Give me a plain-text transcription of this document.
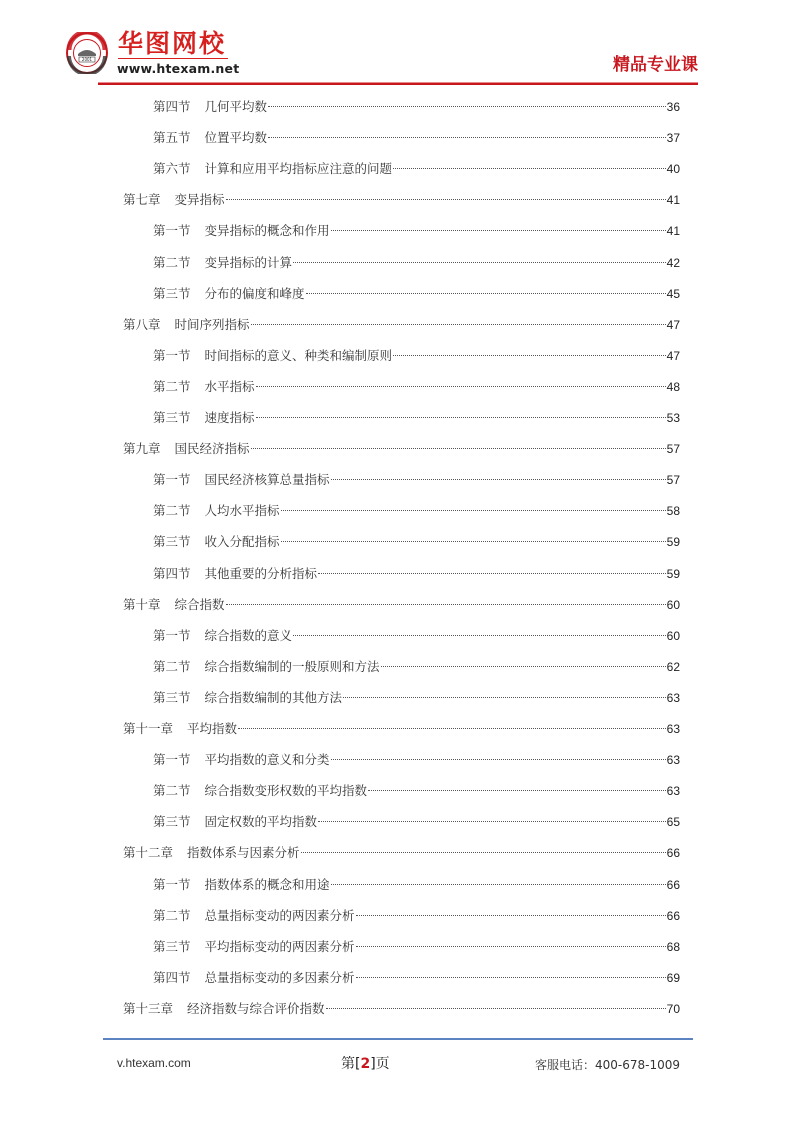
2001
华图网校
www.htexam.net	精品专业课
第四节 几何平均数	36
第五节 位置平均数	37
第六节 计算和应用平均指标应注意的问题	40
第七章 变异指标	41
第一节 变异指标的概念和作用	41
第二节 变异指标的计算	42
第三节 分布的偏度和峰度	45
第八章 时间序列指标	47
第一节 时间指标的意义、种类和编制原则	47
第二节 水平指标	48
第三节 速度指标	53
第九章 国民经济指标	57
第一节 国民经济核算总量指标	57
第二节 人均水平指标	58
第三节 收入分配指标	59
第四节 其他重要的分析指标	59
第十章 综合指数	60
第一节 综合指数的意义	60
第二节 综合指数编制的一般原则和方法	62
第三节 综合指数编制的其他方法	63
第十一章 平均指数	63
第一节 平均指数的意义和分类	63
第二节 综合指数变形权数的平均指数	63
第三节 固定权数的平均指数	65
第十二章 指数体系与因素分析	66
第一节 指数体系的概念和用途	66
第二节 总量指标变动的两因素分析	66
第三节 平均指标变动的两因素分析	68
第四节 总量指标变动的多因素分析	69
第十三章 经济指数与综合评价指数	70
v.htexam.com	第[2]页	客服电话：400-678-1009
